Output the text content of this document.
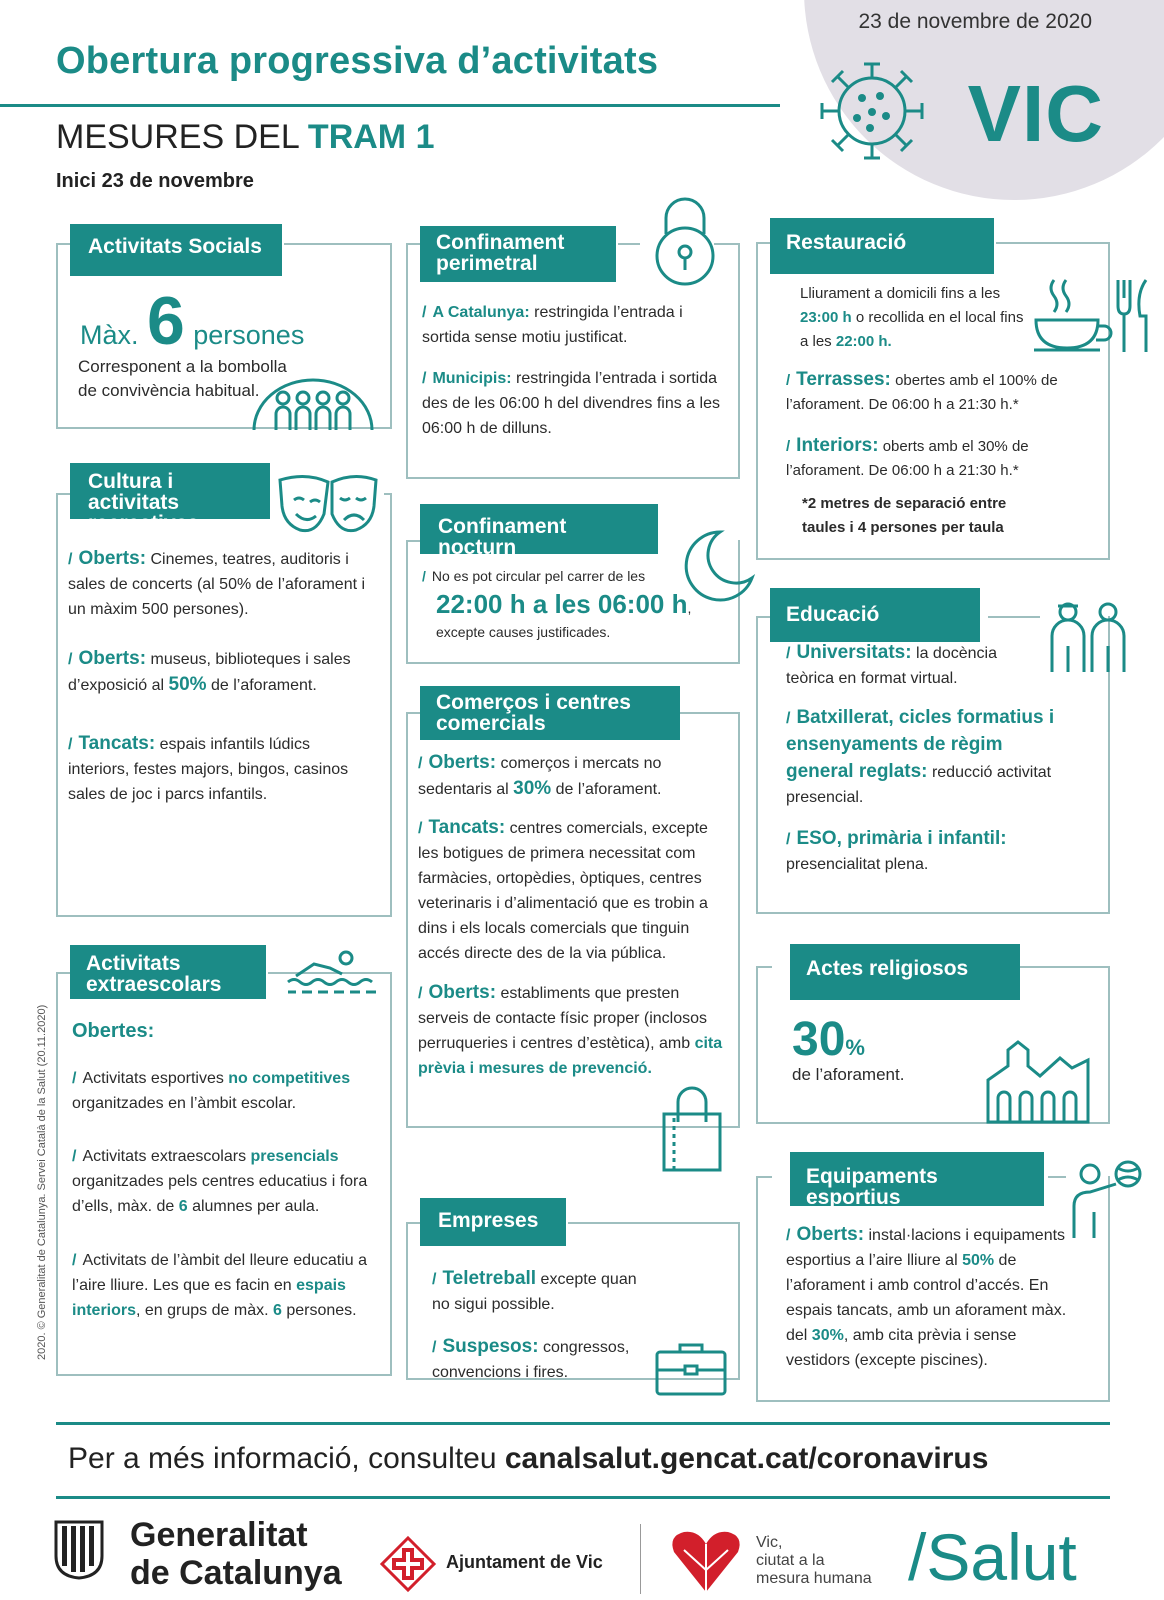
23 de novembre de 2020
Obertura progressiva d’activitats
MESURES DEL TRAM 1
Inici 23 de novembre
VIC
Activitats Socials
Màx. 6 persones
Corresponent a la bombolla de convivència habitual.
Cultura i activitats recreatives
/ Oberts: Cinemes, teatres, auditoris i sales de concerts (al 50% de l’aforament i un màxim 500 persones).
/ Oberts: museus, biblioteques i sales d’exposició al 50% de l’aforament.
/ Tancats: espais infantils lúdics interiors, festes majors, bingos, casinos sales de joc i parcs infantils.
Activitats extraescolars
Obertes:
/ Activitats esportives no competitives organitzades en l’àmbit escolar.
/ Activitats extraescolars presencials organitzades pels centres educatius i fora d’ells, màx. de 6 alumnes per aula.
/ Activitats de l’àmbit del lleure educatiu a l’aire lliure. Les que es facin en espais interiors, en grups de màx. 6 persones.
Confinament perimetral
/ A Catalunya: restringida l’entrada i sortida sense motiu justificat.
/ Municipis: restringida l’entrada i sortida des de les 06:00 h del divendres fins a les 06:00 h de dilluns.
Confinament nocturn
/ No es pot circular pel carrer de les
22:00 h a les 06:00 h,
excepte causes justificades.
Comerços i centres comercials
/ Oberts: comerços i mercats no sedentaris al 30% de l’aforament.
/ Tancats: centres comercials, excepte les botigues de primera necessitat com farmàcies, ortopèdies, òptiques, centres veterinaris i d’alimentació que es trobin a dins i els locals comercials que tinguin accés directe des de la via pública.
/ Oberts: establiments que presten serveis de contacte físic proper (inclosos perruqueries i centres d’estètica), amb cita prèvia i mesures de prevenció.
Empreses
/ Teletreball excepte quan no sigui possible.
/ Suspesos: congressos, convencions i fires.
Restauració
Lliurament a domicili fins a les 23:00 h o recollida en el local fins a les 22:00 h.
/ Terrasses: obertes amb el 100% de l’aforament. De 06:00 h a 21:30 h.*
/ Interiors: oberts amb el 30% de l’aforament. De 06:00 h a 21:30 h.*
*2 metres de separació entre taules i 4 persones per taula
Educació
/ Universitats: la docència teòrica en format virtual.
/ Batxillerat, cicles formatius i ensenyaments de règim general reglats: reducció activitat presencial.
/ ESO, primària i infantil: presencialitat plena.
Actes religiosos
30%
de l’aforament.
Equipaments esportius
/ Oberts: instal·lacions i equipaments esportius a l’aire lliure al 50% de l’aforament i amb control d’accés. En espais tancats, amb un aforament màx. del 30%, amb cita prèvia i sense vestidors (excepte piscines).
2020. © Generalitat de Catalunya. Servei Català de la Salut (20.11.2020)
Per a més informació, consulteu canalsalut.gencat.cat/coronavirus
Generalitat
de Catalunya	Ajuntament de Vic
Vic,
ciutat a la
mesura humana /Salut
